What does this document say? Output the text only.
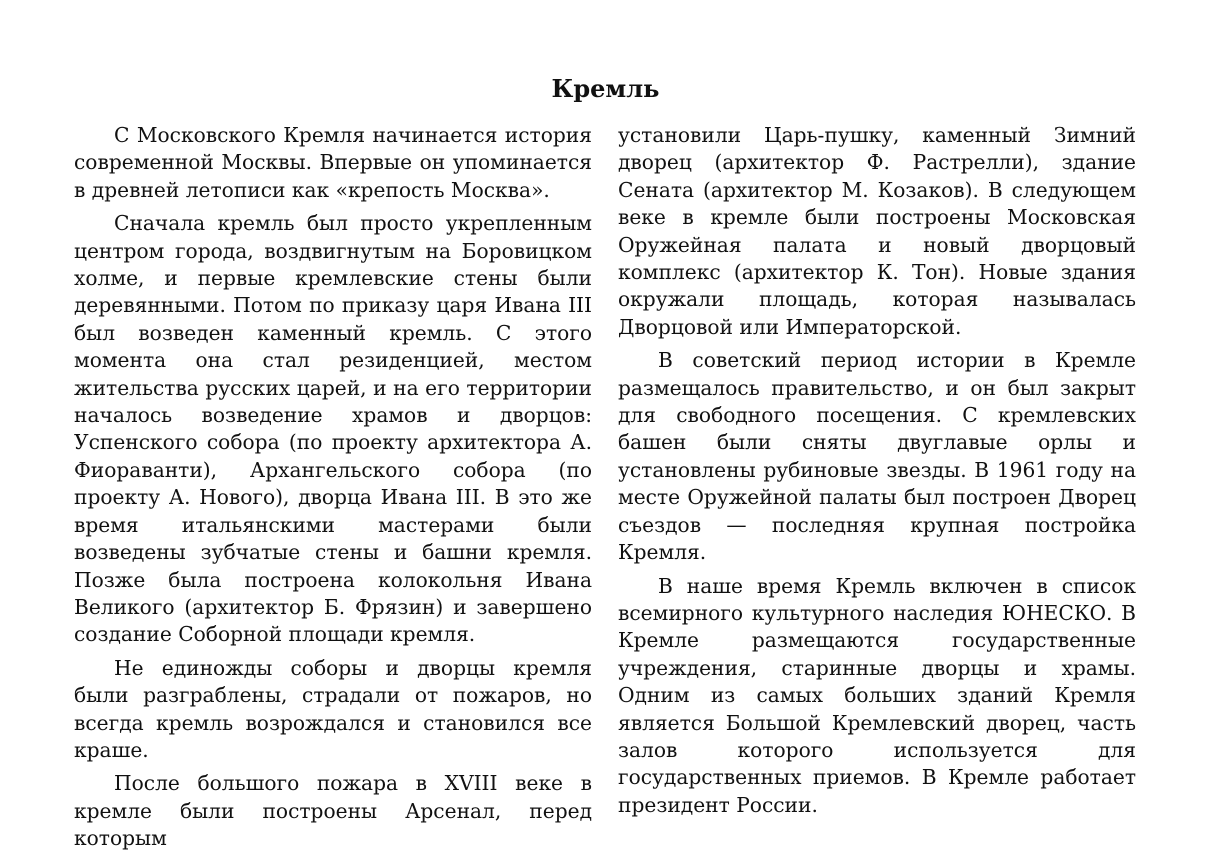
Кремль

С Московского Кремля начинается история современной Москвы. Впервые он упоминается в древней летописи как «крепость Москва».

Сначала кремль был просто укрепленным центром города, воздвигнутым на Боровицком холме, и первые кремлевские стены были деревянными. Потом по приказу царя Ивана III был возведен каменный кремль. С этого момента она стал резиденцией, местом жительства русских царей, и на его территории началось возведение храмов и дворцов: Успенского собора (по проекту архитектора А. Фиораванти), Архангельского собора (по проекту А. Нового), дворца Ивана III. В это же время итальянскими мастерами были возведены зубчатые стены и башни кремля. Позже была построена колокольня Ивана Великого (архитектор Б. Фрязин) и завершено создание Соборной площади кремля.

Не единожды соборы и дворцы кремля были разграблены, страдали от пожаров, но всегда кремль возрождался и становился все краше.

После большого пожара в XVIII веке в кремле были построены Арсенал, перед которым

установили Царь-пушку, каменный Зимний дворец (архитектор Ф. Растрелли), здание Сената (архитектор М. Козаков). В следующем веке в кремле были построены Московская Оружейная палата и новый дворцовый комплекс (архитектор К. Тон). Новые здания окружали площадь, которая называлась Дворцовой или Императорской.

В советский период истории в Кремле размещалось правительство, и он был закрыт для свободного посещения. С кремлевских башен были сняты двуглавые орлы и установлены рубиновые звезды. В 1961 году на месте Оружейной палаты был построен Дворец съездов — последняя крупная постройка Кремля.

В наше время Кремль включен в список всемирного культурного наследия ЮНЕСКО. В Кремле размещаются государственные учреждения, старинные дворцы и храмы. Одним из самых больших зданий Кремля является Большой Кремлевский дворец, часть залов которого используется для государственных приемов. В Кремле работает президент России.
